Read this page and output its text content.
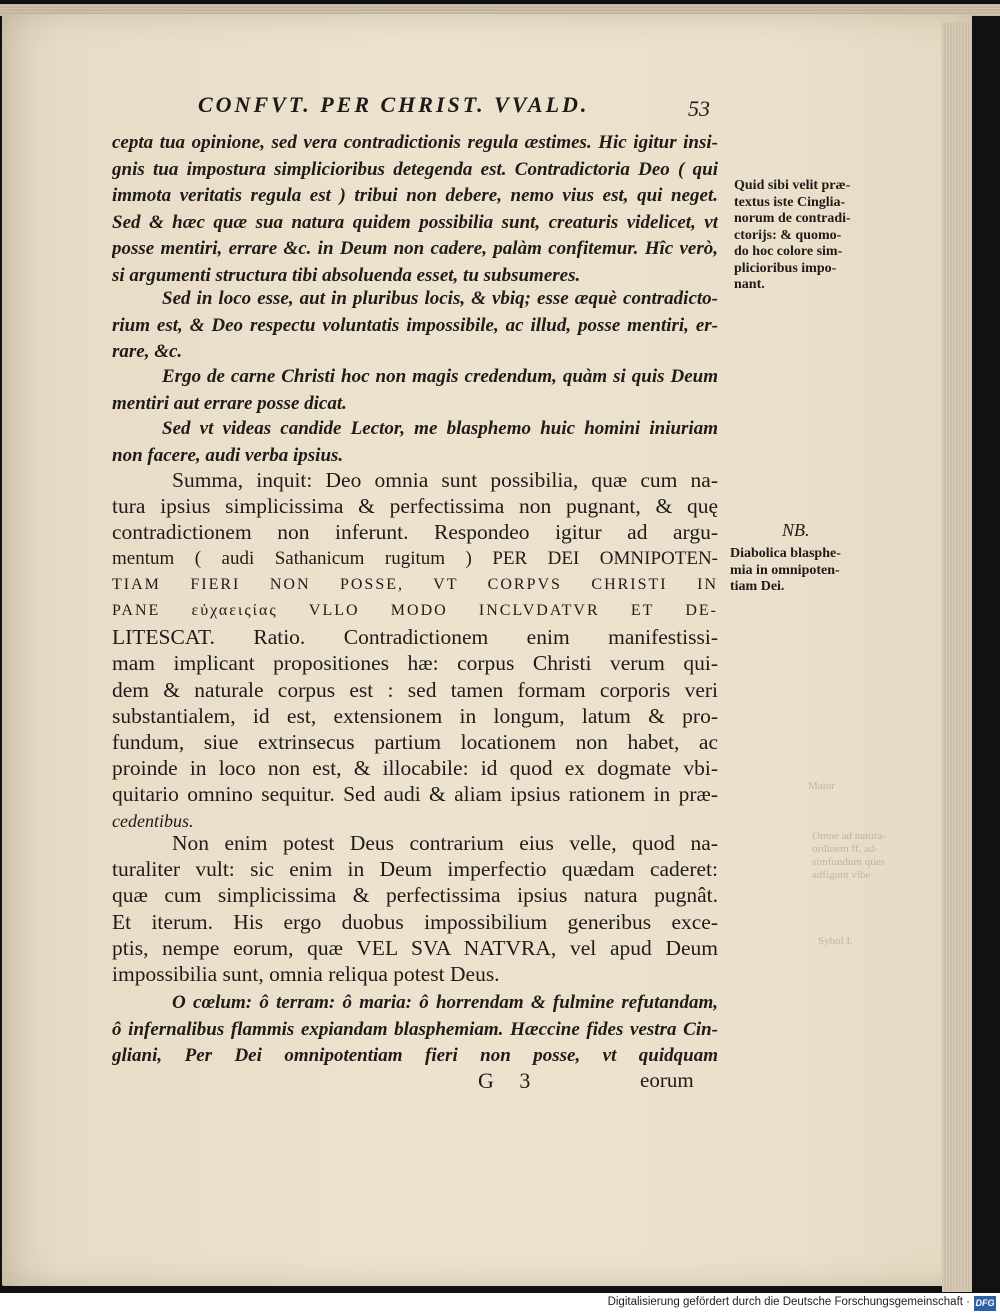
Maior
Omne ad natura-
ordinem ff. ad-
simfundum ques
adfigunt vibe
Sybol I.
CONFVT. PER CHRIST. VVALD.	53
cepta tua opinione, sed vera contradictionis regula æstimes. Hic igitur insi-
gnis tua impostura simplicioribus detegenda est. Contradictoria Deo ( qui
immota veritatis regula est ) tribui non debere, nemo vius est, qui neget.
Sed & hæc quæ sua natura quidem possibilia sunt, creaturis videlicet, vt
posse mentiri, errare &c. in Deum non cadere, palàm confitemur. Hîc verò,
si argumenti structura tibi absoluenda esset, tu subsumeres.
Sed in loco esse, aut in pluribus locis, & vbiq; esse æquè contradicto-
rium est, & Deo respectu voluntatis impossibile, ac illud, posse mentiri, er-
rare, &c.
Ergo de carne Christi hoc non magis credendum, quàm si quis Deum
mentiri aut errare posse dicat.
Sed vt videas candide Lector, me blasphemo huic homini iniuriam
non facere, audi verba ipsius.
Summa, inquit: Deo omnia sunt possibilia, quæ cum na-
tura ipsius simplicissima & perfectissima non pugnant, & quę
contradictionem non inferunt. Respondeo igitur ad argu-
mentum ( audi Sathanicum rugitum ) PER DEI OMNIPOTEN-
TIAM FIERI NON POSSE, VT CORPVS CHRISTI IN
PANE εὐχαειςίας VLLO MODO INCLVDATVR ET DE-
LITESCAT. Ratio. Contradictionem enim manifestissi-
mam implicant propositiones hæ: corpus Christi verum qui-
dem & naturale corpus est : sed tamen formam corporis veri
substantialem, id est, extensionem in longum, latum & pro-
fundum, siue extrinsecus partium locationem non habet, ac
proinde in loco non est, & illocabile: id quod ex dogmate vbi-
quitario omnino sequitur. Sed audi & aliam ipsius rationem in præ-
cedentibus.
Non enim potest Deus contrarium eius velle, quod na-
turaliter vult: sic enim in Deum imperfectio quædam caderet:
quæ cum simplicissima & perfectissima ipsius natura pugnât.
Et iterum. His ergo duobus impossibilium generibus exce-
ptis, nempe eorum, quæ VEL SVA NATVRA, vel apud Deum
impossibilia sunt, omnia reliqua potest Deus.
O cœlum: ô terram: ô maria: ô horrendam & fulmine refutandam,
ô infernalibus flammis expiandam blasphemiam. Hæccine fides vestra Cin-
gliani, Per Dei omnipotentiam fieri non posse, vt quidquam
G 3	eorum
Quid sibi velit præ-
textus iste Cinglia-
norum de contradi-
ctorijs: & quomo-
do hoc colore sim-
plicioribus impo-
nant.
NB.
Diabolica blasphe-
mia in omnipoten-
tiam Dei.
Digitalisierung gefördert durch die Deutsche Forschungsgemeinschaft · DFG
